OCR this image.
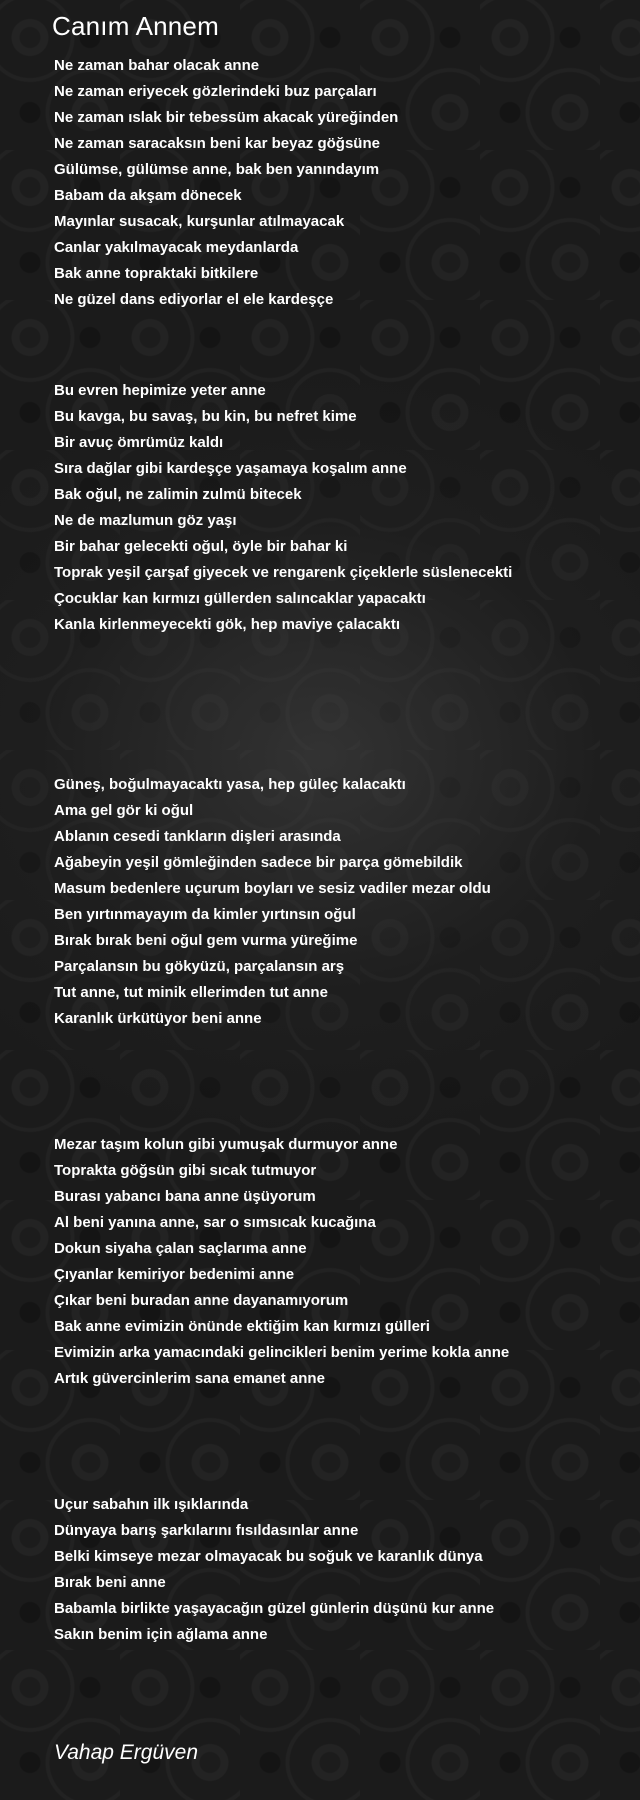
Canım Annem
Ne zaman bahar olacak anne
Ne zaman eriyecek gözlerindeki buz parçaları
Ne zaman ıslak bir tebessüm akacak yüreğinden
Ne zaman saracaksın beni kar beyaz göğsüne
Gülümse, gülümse anne, bak ben yanındayım
Babam da akşam dönecek
Mayınlar susacak, kurşunlar atılmayacak
Canlar yakılmayacak meydanlarda
Bak anne topraktaki bitkilere
Ne güzel dans ediyorlar el ele kardeşçe
Bu evren hepimize yeter anne
Bu kavga, bu savaş, bu kin, bu nefret kime
Bir avuç ömrümüz kaldı
Sıra dağlar gibi kardeşçe yaşamaya koşalım anne
Bak oğul, ne zalimin zulmü bitecek
Ne de mazlumun göz yaşı
Bir bahar gelecekti oğul, öyle bir bahar ki
Toprak yeşil çarşaf giyecek ve rengarenk çiçeklerle süslenecekti
Çocuklar kan kırmızı güllerden salıncaklar yapacaktı
Kanla kirlenmeyecekti gök, hep maviye çalacaktı
Güneş, boğulmayacaktı yasa, hep güleç kalacaktı
Ama gel gör ki oğul
Ablanın cesedi tankların dişleri arasında
Ağabeyin yeşil gömleğinden sadece bir parça gömebildik
Masum bedenlere uçurum boyları ve sesiz vadiler mezar oldu
Ben yırtınmayayım da kimler yırtınsın oğul
Bırak bırak beni oğul gem vurma yüreğime
Parçalansın bu gökyüzü, parçalansın arş
Tut anne, tut minik ellerimden tut anne
Karanlık ürkütüyor beni anne
Mezar taşım kolun gibi yumuşak durmuyor anne
Toprakta göğsün gibi sıcak tutmuyor
Burası yabancı bana anne üşüyorum
Al beni yanına anne, sar o sımsıcak kucağına
Dokun siyaha çalan saçlarıma anne
Çıyanlar kemiriyor bedenimi anne
Çıkar beni buradan anne dayanamıyorum
Bak anne evimizin önünde ektiğim kan kırmızı gülleri
Evimizin arka yamacındaki gelincikleri benim yerime kokla anne
Artık güvercinlerim sana emanet anne
Uçur sabahın ilk ışıklarında
Dünyaya barış şarkılarını fısıldasınlar anne
Belki kimseye mezar olmayacak bu soğuk ve karanlık dünya
Bırak beni anne
Babamla birlikte yaşayacağın güzel günlerin düşünü kur anne
Sakın benim için ağlama anne
Vahap Ergüven
